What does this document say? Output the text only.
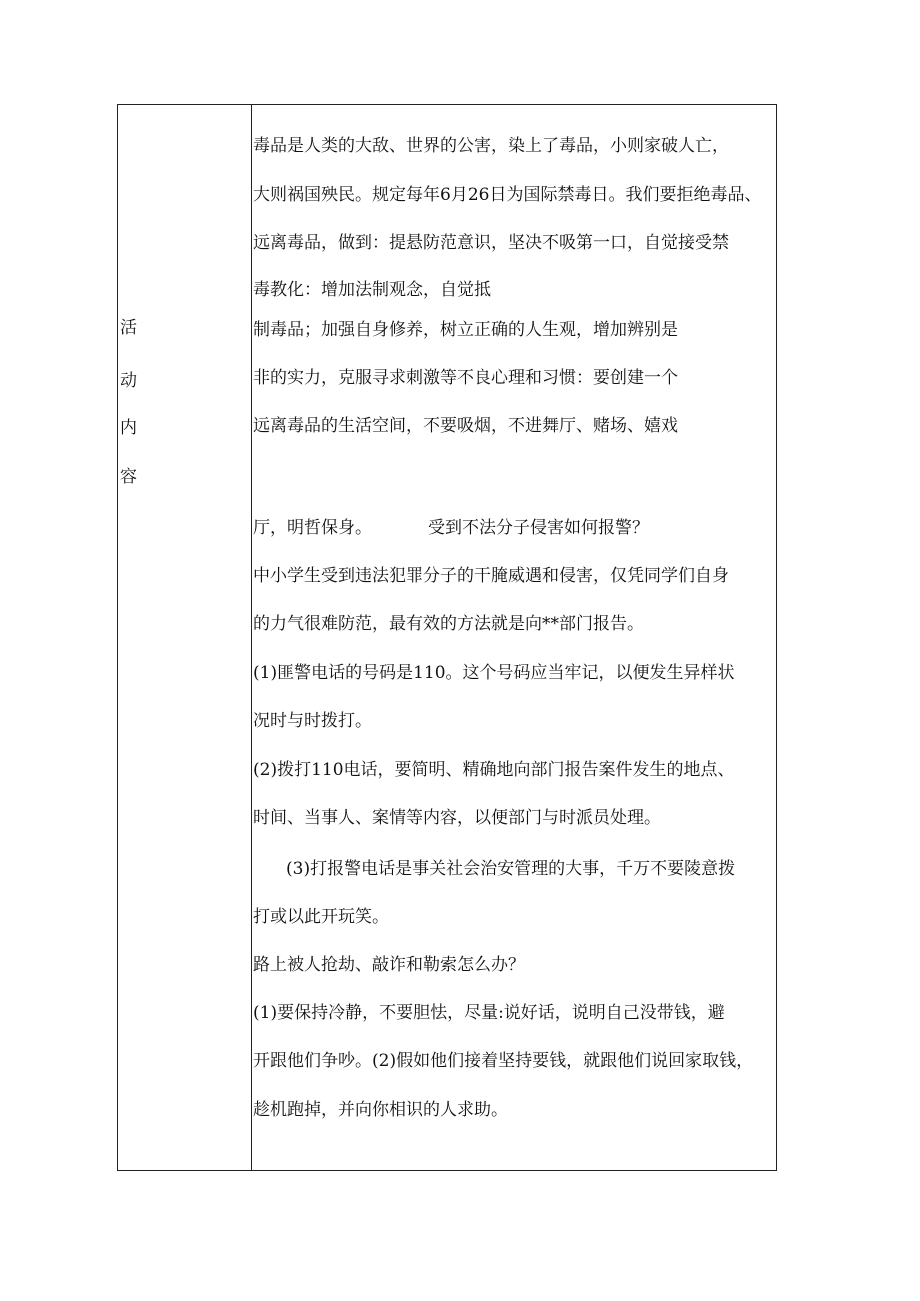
活
动
内
容
毒品是人类的大敌、世界的公害，染上了毒品，小则家破人亡，
大则祸国殃民。规定每年6月26日为国际禁毒日。我们要拒绝毒品、
远离毒品，做到：提悬防范意识，坚决不吸第一口，自觉接受禁
毒教化：增加法制观念，自觉抵
制毒品；加强自身修养，树立正确的人生观，增加辨别是
非的实力，克服寻求刺激等不良心理和习惯：要创建一个
远离毒品的生活空间，不要吸烟，不进舞厅、赌场、嬉戏
厅，明哲保身。	受到不法分子侵害如何报警？
中小学生受到违法犯罪分子的干腌威遇和侵害，仅凭同学们自身
的力气很难防范，最有效的方法就是向**部门报告。
(1)匪警电话的号码是110。这个号码应当牢记，以便发生异样状
况时与时拨打。
(2)拨打110电话，要简明、精确地向部门报告案件发生的地点、
时间、当事人、案情等内容，以便部门与时派员处理。
(3)打报警电话是事关社会治安管理的大事，千万不要陵意拨
打或以此开玩笑。
路上被人抢劫、敲诈和勒索怎么办？
(1)要保持冷静，不要胆怯，尽量:说好话，说明自己没带钱，避
开跟他们争吵。(2)假如他们接着坚持要钱，就跟他们说回家取钱，
趁机跑掉，并向你相识的人求助。
